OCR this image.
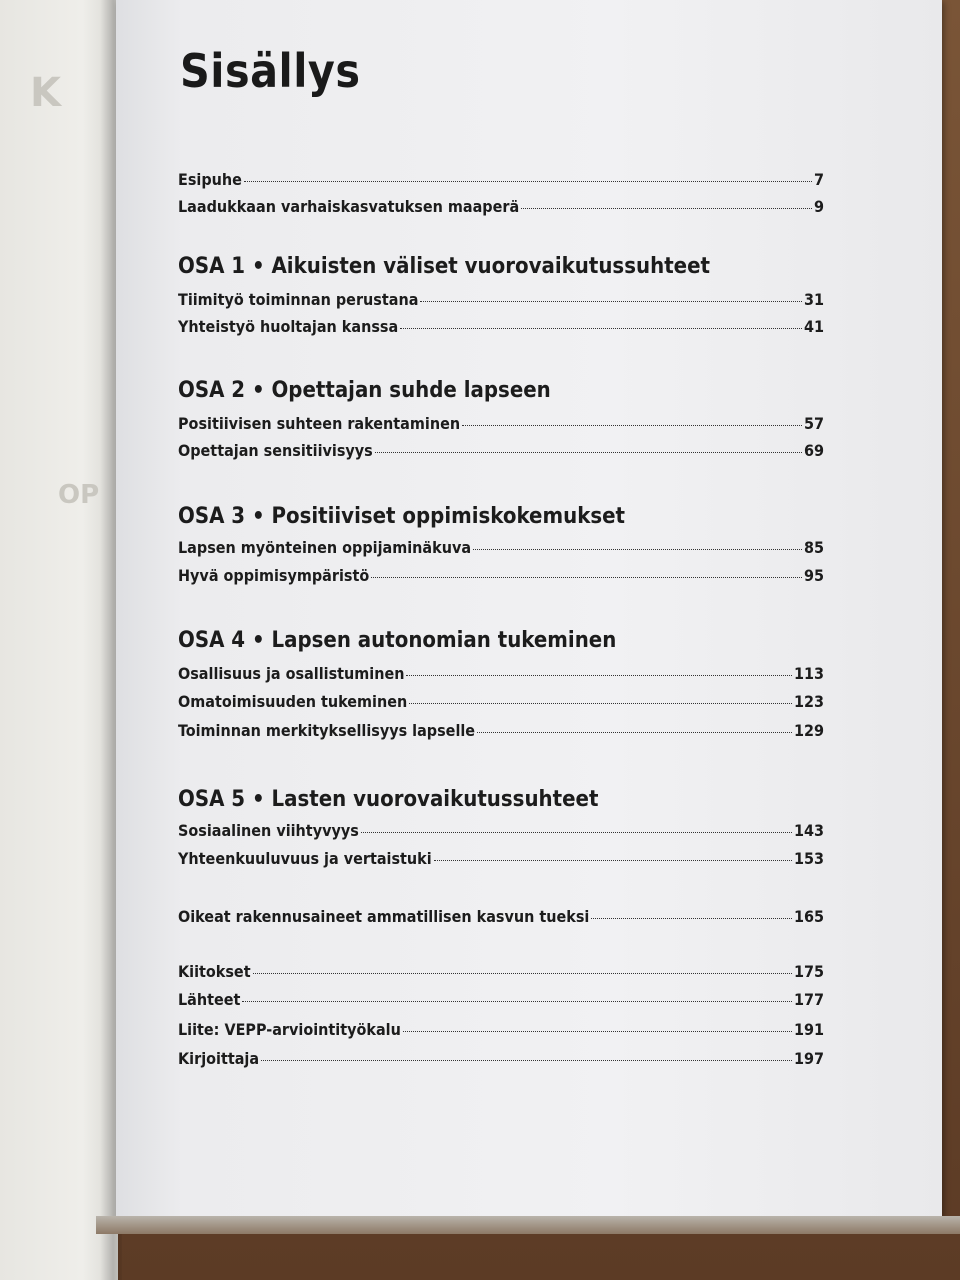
K
OP
Sisällys
Esipuhe	7
Laadukkaan varhaiskasvatuksen maaperä	9
OSA 1 • Aikuisten väliset vuorovaikutussuhteet
Tiimityö toiminnan perustana	31
Yhteistyö huoltajan kanssa	41
OSA 2 • Opettajan suhde lapseen
Positiivisen suhteen rakentaminen	57
Opettajan sensitiivisyys	69
OSA 3 • Positiiviset oppimiskokemukset
Lapsen myönteinen oppijaminäkuva	85
Hyvä oppimisympäristö	95
OSA 4 • Lapsen autonomian tukeminen
Osallisuus ja osallistuminen	113
Omatoimisuuden tukeminen	123
Toiminnan merkityksellisyys lapselle	129
OSA 5 • Lasten vuorovaikutussuhteet
Sosiaalinen viihtyvyys	143
Yhteenkuuluvuus ja vertaistuki	153
Oikeat rakennusaineet ammatillisen kasvun tueksi	165
Kiitokset	175
Lähteet	177
Liite: VEPP-arviointityökalu	191
Kirjoittaja	197
